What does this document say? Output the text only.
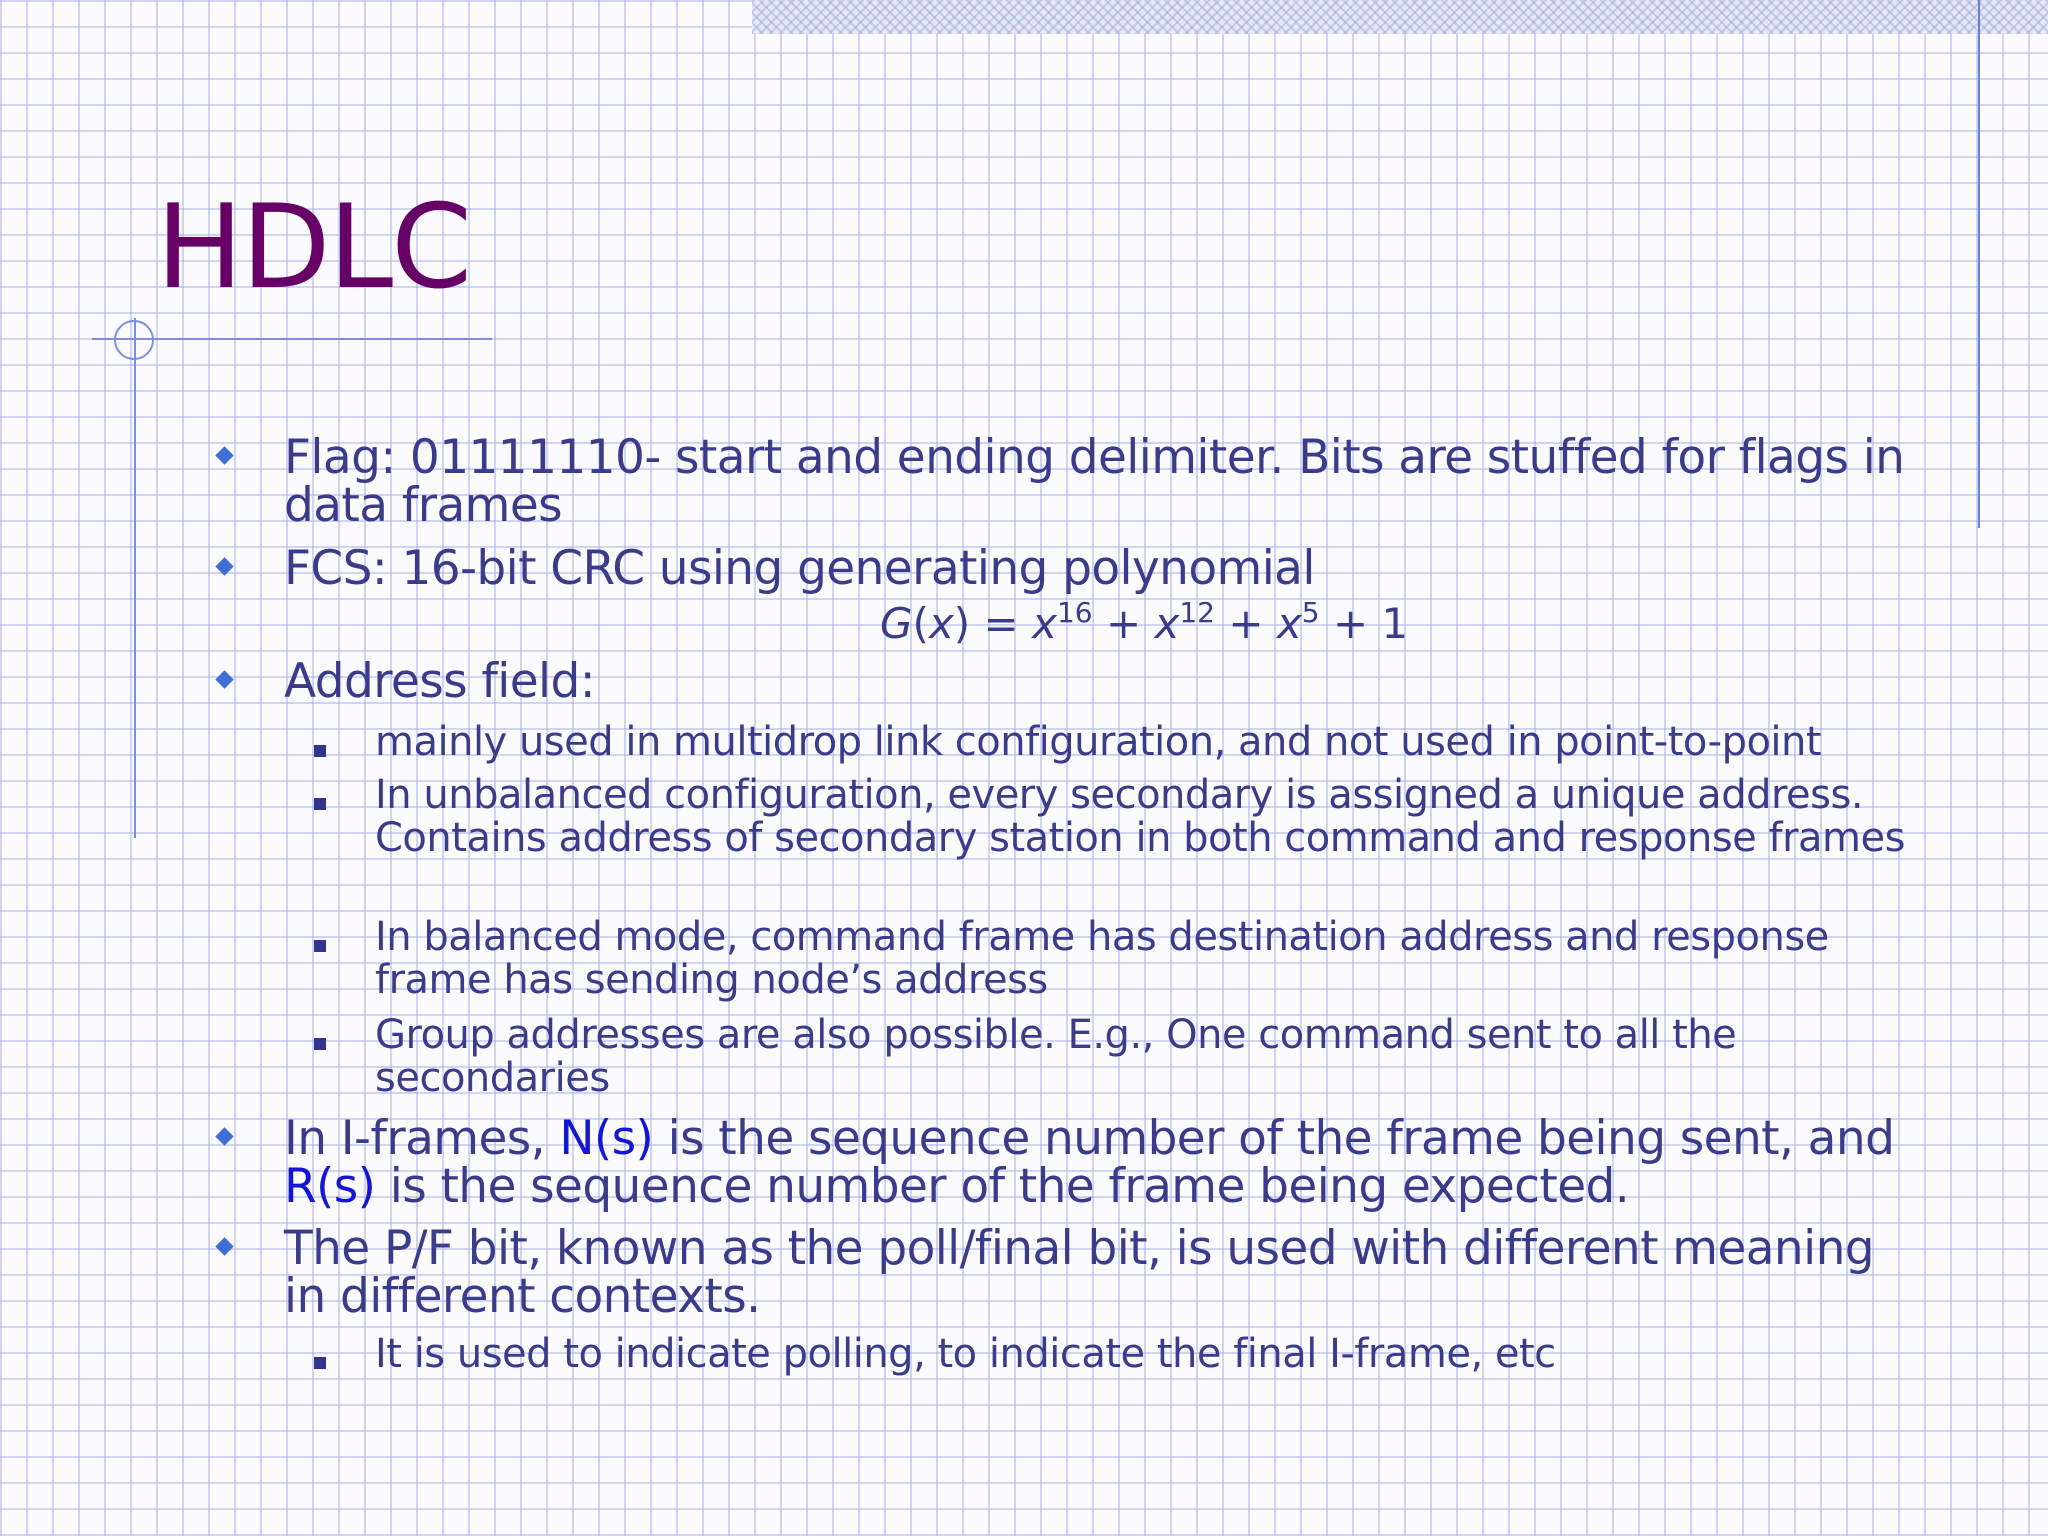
HDLC
Flag: 01111110- start and ending delimiter. Bits are stuffed for flags in data frames
FCS: 16-bit CRC using generating polynomial
$G(x) = x^{16} + x^{12} + x^5 + 1$
Address field:
mainly used in multidrop link configuration, and not used in point-to-point
In unbalanced configuration, every secondary is assigned a unique address. Contains address of secondary station in both command and response frames
In balanced mode, command frame has destination address and response frame has sending node’s address
Group addresses are also possible. E.g., One command sent to all the secondaries
In I-frames, N(s) is the sequence number of the frame being sent, and R(s) is the sequence number of the frame being expected.
The P/F bit, known as the poll/final bit, is used with different meaning in different contexts.
It is used to indicate polling, to indicate the final I-frame, etc
